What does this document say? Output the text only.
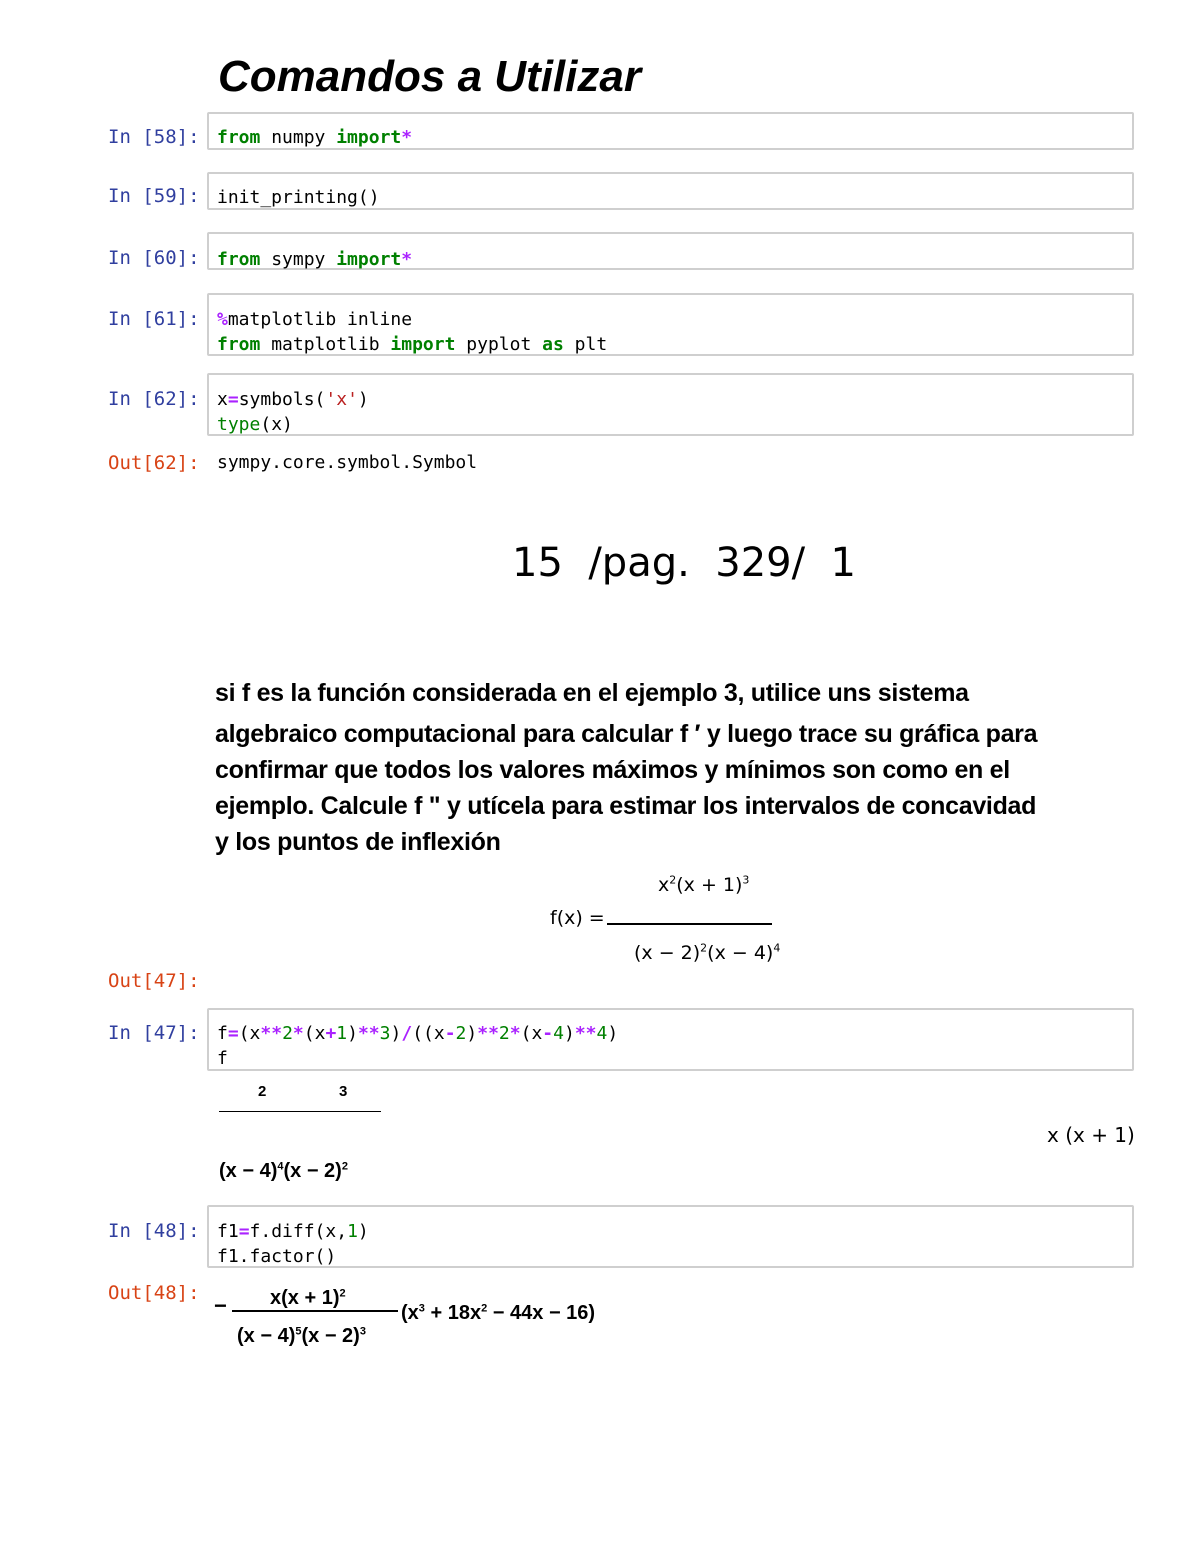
Comandos a Utilizar
In [58]: from numpy import*
In [59]: init_printing()
In [60]: from sympy import*
In [61]: %matplotlib inline
from matplotlib import pyplot as plt
In [62]: x=symbols('x')
type(x)
Out[62]: sympy.core.symbol.Symbol
15  /pag.  329/  1
si f es la función considerada en el ejemplo 3, utilice uns sistema
algebraico computacional para calcular f ′ y luego trace su gráfica para
confirmar que todos los valores máximos y mínimos son como en el
ejemplo. Calcule f " y utícela para estimar los intervalos de concavidad
y los puntos de inflexión
$x^2(x + 1)^3$
f(x) =
$(x - 2)^2(x - 4)^4$
Out[47]:
In [47]: f=(x**2*(x+1)**3)/((x-2)**2*(x-4)**4)
f
2	3
x (x + 1)
$(x - 4)^4(x - 2)^2$
In [48]: f1=f.diff(x,1)
f1.factor()
Out[48]: − $x(x + 1)^2$
$(x - 4)^5(x - 2)^3$
$(x^3 + 18x^2 - 44x - 16)$
